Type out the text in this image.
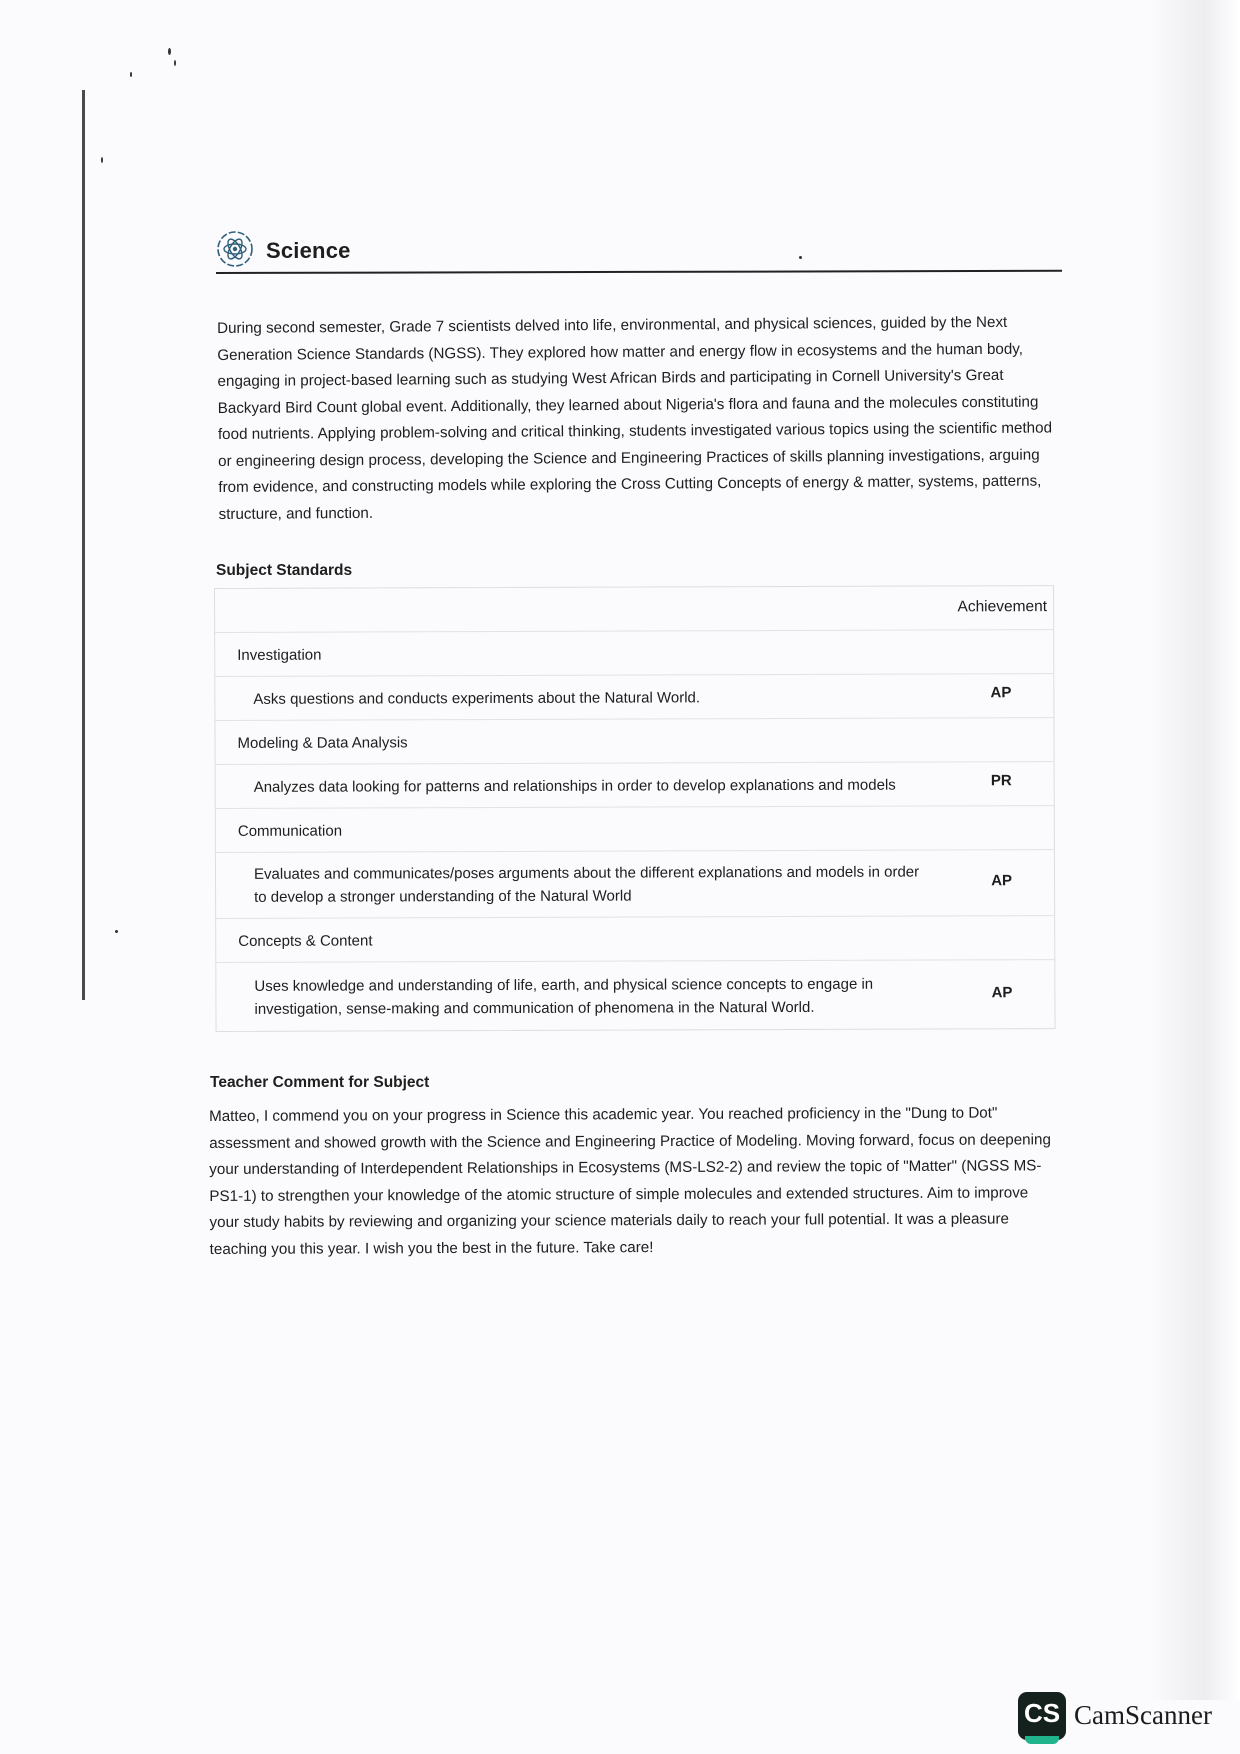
Science
During second semester, Grade 7 scientists delved into life, environmental, and physical sciences, guided by the Next Generation Science Standards (NGSS). They explored how matter and energy flow in ecosystems and the human body, engaging in project-based learning such as studying West African Birds and participating in Cornell University's Great Backyard Bird Count global event. Additionally, they learned about Nigeria's flora and fauna and the molecules constituting food nutrients. Applying problem-solving and critical thinking, students investigated various topics using the scientific method or engineering design process, developing the Science and Engineering Practices of skills planning investigations, arguing from evidence, and constructing models while exploring the Cross Cutting Concepts of energy & matter, systems, patterns, structure, and function.
Subject Standards
Achievement
Investigation
Asks questions and conducts experiments about the Natural World.	AP
Modeling & Data Analysis
Analyzes data looking for patterns and relationships in order to develop explanations and models	PR
Communication
Evaluates and communicates/poses arguments about the different explanations and models in order to develop a stronger understanding of the Natural World
AP
Concepts & Content
Uses knowledge and understanding of life, earth, and physical science concepts to engage in investigation, sense-making and communication of phenomena in the Natural World.
AP
Teacher Comment for Subject
Matteo, I commend you on your progress in Science this academic year. You reached proficiency in the "Dung to Dot" assessment and showed growth with the Science and Engineering Practice of Modeling. Moving forward, focus on deepening your understanding of Interdependent Relationships in Ecosystems (MS-LS2-2) and review the topic of "Matter" (NGSS MS-PS1-1) to strengthen your knowledge of the atomic structure of simple molecules and extended structures. Aim to improve your study habits by reviewing and organizing your science materials daily to reach your full potential. It was a pleasure teaching you this year. I wish you the best in the future. Take care!
CS CamScanner
